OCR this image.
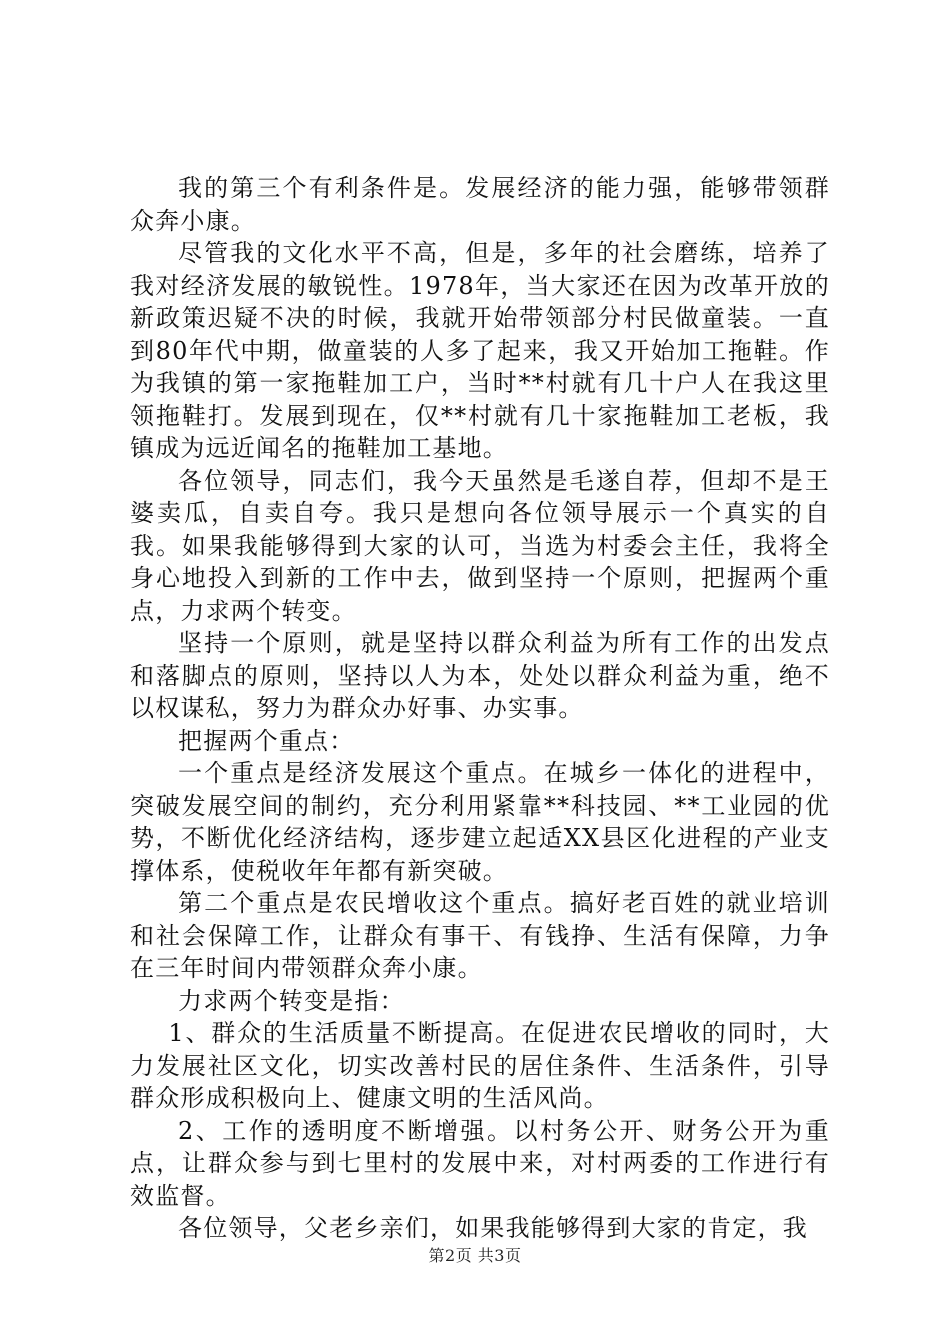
我的第三个有利条件是。发展经济的能力强，能够带领群众奔小康。

尽管我的文化水平不高，但是，多年的社会磨练，培养了我对经济发展的敏锐性。1978年，当大家还在因为改革开放的新政策迟疑不决的时候，我就开始带领部分村民做童装。一直到80年代中期，做童装的人多了起来，我又开始加工拖鞋。作为我镇的第一家拖鞋加工户，当时**村就有几十户人在我这里领拖鞋打。发展到现在，仅**村就有几十家拖鞋加工老板，我镇成为远近闻名的拖鞋加工基地。

各位领导，同志们，我今天虽然是毛遂自荐，但却不是王婆卖瓜，自卖自夸。我只是想向各位领导展示一个真实的自我。如果我能够得到大家的认可，当选为村委会主任，我将全身心地投入到新的工作中去，做到坚持一个原则，把握两个重点，力求两个转变。

坚持一个原则，就是坚持以群众利益为所有工作的出发点和落脚点的原则，坚持以人为本，处处以群众利益为重，绝不以权谋私，努力为群众办好事、办实事。

把握两个重点：

一个重点是经济发展这个重点。在城乡一体化的进程中，突破发展空间的制约，充分利用紧靠**科技园、**工业园的优势，不断优化经济结构，逐步建立起适XX县区化进程的产业支撑体系，使税收年年都有新突破。

第二个重点是农民增收这个重点。搞好老百姓的就业培训和社会保障工作，让群众有事干、有钱挣、生活有保障，力争在三年时间内带领群众奔小康。

力求两个转变是指：

1、群众的生活质量不断提高。在促进农民增收的同时，大力发展社区文化，切实改善村民的居住条件、生活条件，引导群众形成积极向上、健康文明的生活风尚。

2、工作的透明度不断增强。以村务公开、财务公开为重点，让群众参与到七里村的发展中来，对村两委的工作进行有效监督。

各位领导，父老乡亲们，如果我能够得到大家的肯定，我

第2页 共3页
